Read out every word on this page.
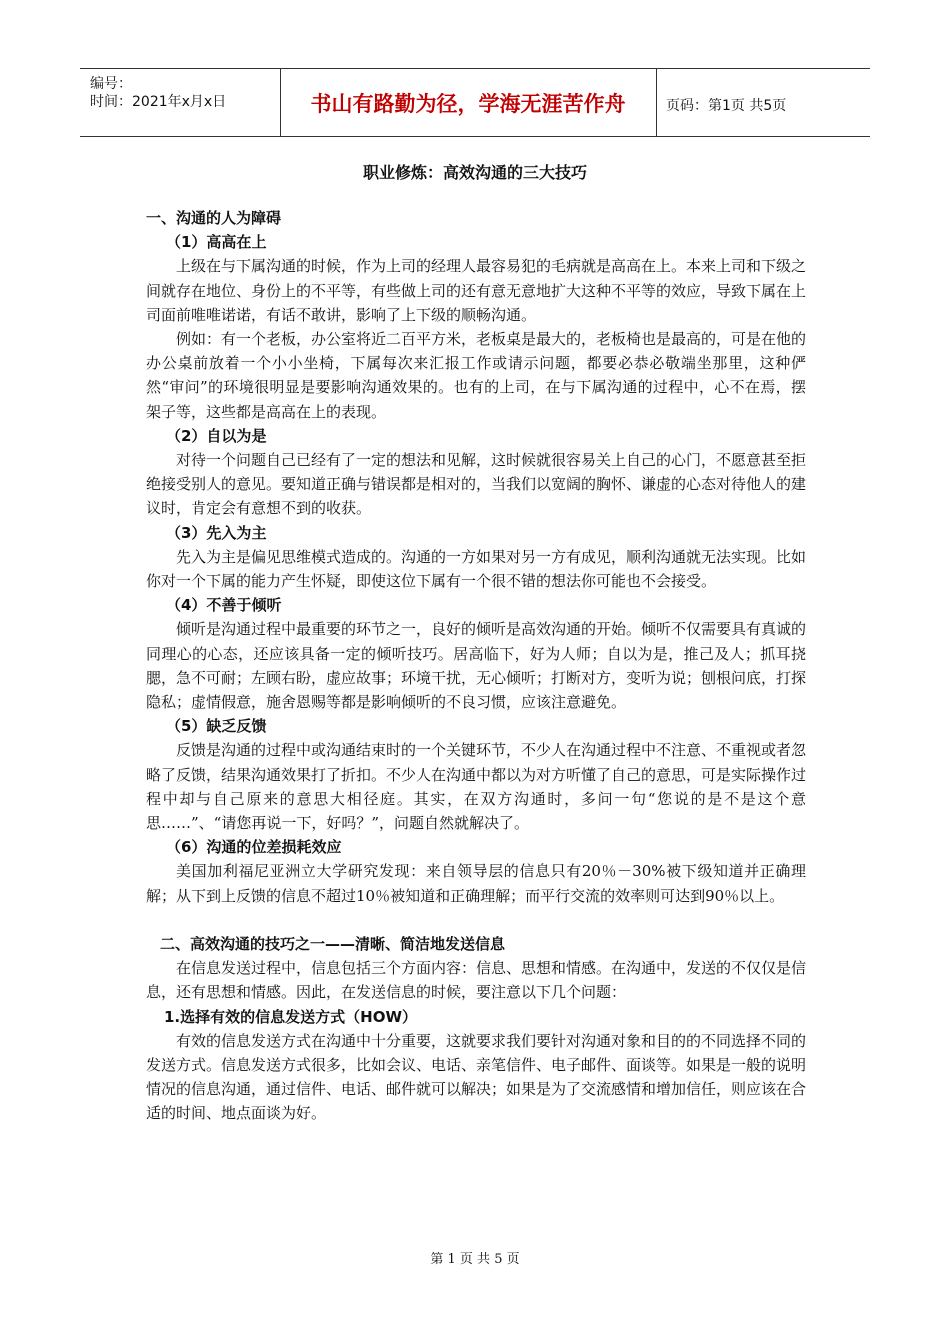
编号：
时间：2021年x月x日	书山有路勤为径，学海无涯苦作舟	页码：第1页 共5页
职业修炼：高效沟通的三大技巧

一、沟通的人为障碍

（1）高高在上

上级在与下属沟通的时候，作为上司的经理人最容易犯的毛病就是高高在上。本来上司和下级之间就存在地位、身份上的不平等，有些做上司的还有意无意地扩大这种不平等的效应，导致下属在上司面前唯唯诺诺，有话不敢讲，影响了上下级的顺畅沟通。

例如：有一个老板，办公室将近二百平方米，老板桌是最大的，老板椅也是最高的，可是在他的办公桌前放着一个小小坐椅，下属每次来汇报工作或请示问题，都要必恭必敬端坐那里，这种俨然“审问”的环境很明显是要影响沟通效果的。也有的上司，在与下属沟通的过程中，心不在焉，摆架子等，这些都是高高在上的表现。

（2）自以为是

对待一个问题自己已经有了一定的想法和见解，这时候就很容易关上自己的心门，不愿意甚至拒绝接受别人的意见。要知道正确与错误都是相对的，当我们以宽阔的胸怀、谦虚的心态对待他人的建议时，肯定会有意想不到的收获。

（3）先入为主

先入为主是偏见思维模式造成的。沟通的一方如果对另一方有成见，顺利沟通就无法实现。比如你对一个下属的能力产生怀疑，即使这位下属有一个很不错的想法你可能也不会接受。

（4）不善于倾听

倾听是沟通过程中最重要的环节之一，良好的倾听是高效沟通的开始。倾听不仅需要具有真诚的同理心的心态，还应该具备一定的倾听技巧。居高临下，好为人师；自以为是，推己及人；抓耳挠腮，急不可耐；左顾右盼，虚应故事；环境干扰，无心倾听；打断对方，变听为说；刨根问底，打探隐私；虚情假意，施舍恩赐等都是影响倾听的不良习惯，应该注意避免。

（5）缺乏反馈

反馈是沟通的过程中或沟通结束时的一个关键环节，不少人在沟通过程中不注意、不重视或者忽略了反馈，结果沟通效果打了折扣。不少人在沟通中都以为对方听懂了自己的意思，可是实际操作过程中却与自己原来的意思大相径庭。其实，在双方沟通时，多问一句“您说的是不是这个意思……”、“请您再说一下，好吗？”，问题自然就解决了。

（6）沟通的位差损耗效应

美国加利福尼亚洲立大学研究发现：来自领导层的信息只有20％－30%被下级知道并正确理解；从下到上反馈的信息不超过10％被知道和正确理解；而平行交流的效率则可达到90％以上。

二、高效沟通的技巧之一——清晰、简洁地发送信息

在信息发送过程中，信息包括三个方面内容：信息、思想和情感。在沟通中，发送的不仅仅是信息，还有思想和情感。因此，在发送信息的时候，要注意以下几个问题：

1.选择有效的信息发送方式（HOW）

有效的信息发送方式在沟通中十分重要，这就要求我们要针对沟通对象和目的的不同选择不同的发送方式。信息发送方式很多，比如会议、电话、亲笔信件、电子邮件、面谈等。如果是一般的说明情况的信息沟通，通过信件、电话、邮件就可以解决；如果是为了交流感情和增加信任，则应该在合适的时间、地点面谈为好。

第 1 页 共 5 页
